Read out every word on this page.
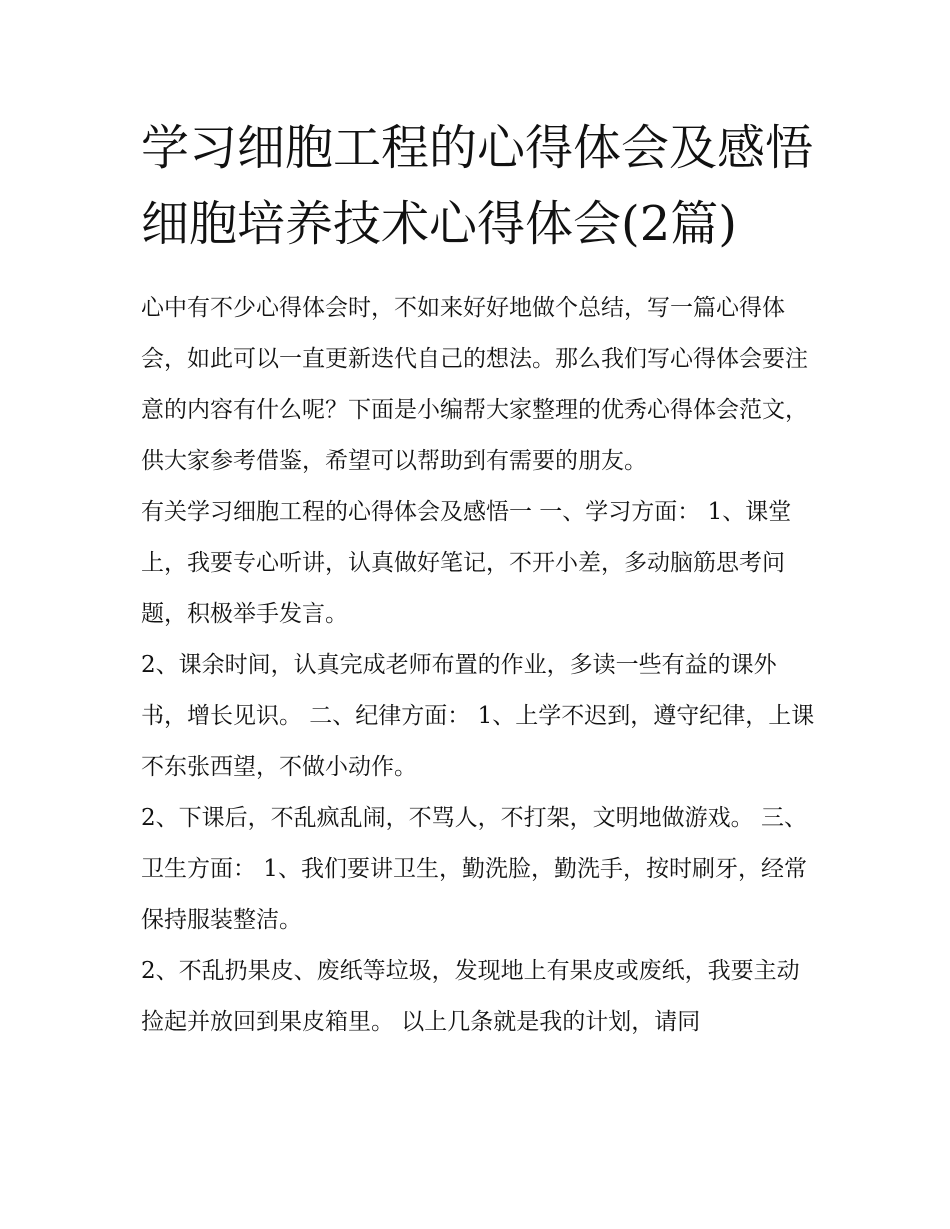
学习细胞工程的心得体会及感悟 细胞培养技术心得体会(2篇)

心中有不少心得体会时，不如来好好地做个总结，写一篇心得体会，如此可以一直更新迭代自己的想法。那么我们写心得体会要注意的内容有什么呢？下面是小编帮大家整理的优秀心得体会范文，供大家参考借鉴，希望可以帮助到有需要的朋友。

有关学习细胞工程的心得体会及感悟一 一、学习方面： 1、课堂上，我要专心听讲，认真做好笔记，不开小差，多动脑筋思考问题，积极举手发言。

2、课余时间，认真完成老师布置的作业，多读一些有益的课外书，增长见识。 二、纪律方面： 1、上学不迟到，遵守纪律，上课不东张西望，不做小动作。

2、下课后，不乱疯乱闹，不骂人，不打架，文明地做游戏。 三、卫生方面： 1、我们要讲卫生，勤洗脸，勤洗手，按时刷牙，经常保持服装整洁。

2、不乱扔果皮、废纸等垃圾，发现地上有果皮或废纸，我要主动捡起并放回到果皮箱里。 以上几条就是我的计划，请同
